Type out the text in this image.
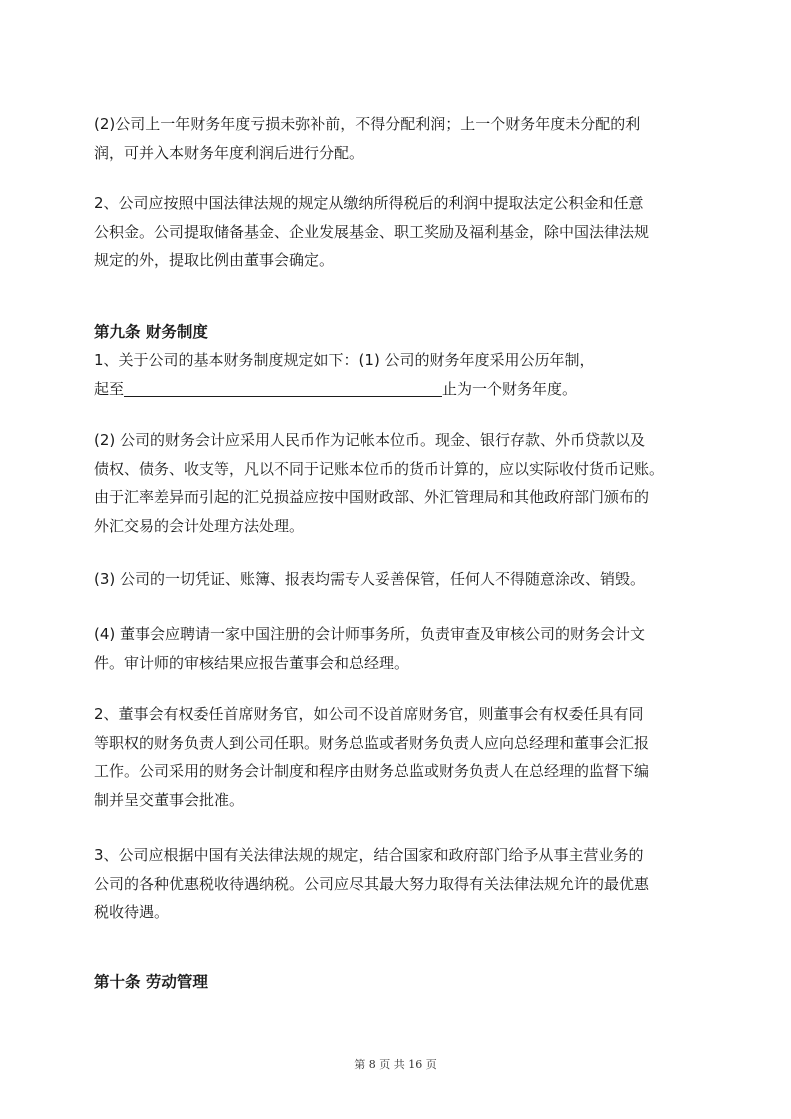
(2)公司上一年财务年度亏损未弥补前，不得分配利润；上一个财务年度未分配的利
润，可并入本财务年度利润后进行分配。
2、公司应按照中国法律法规的规定从缴纳所得税后的利润中提取法定公积金和任意
公积金。公司提取储备基金、企业发展基金、职工奖励及福利基金，除中国法律法规
规定的外，提取比例由董事会确定。
第九条 财务制度
1、关于公司的基本财务制度规定如下：(1) 公司的财务年度采用公历年制，
起至	止为一个财务年度。
(2) 公司的财务会计应采用人民币作为记帐本位币。现金、银行存款、外币贷款以及
债权、债务、收支等，凡以不同于记账本位币的货币计算的，应以实际收付货币记账。
由于汇率差异而引起的汇兑损益应按中国财政部、外汇管理局和其他政府部门颁布的
外汇交易的会计处理方法处理。
(3) 公司的一切凭证、账簿、报表均需专人妥善保管，任何人不得随意涂改、销毁。
(4) 董事会应聘请一家中国注册的会计师事务所，负责审查及审核公司的财务会计文
件。审计师的审核结果应报告董事会和总经理。
2、董事会有权委任首席财务官，如公司不设首席财务官，则董事会有权委任具有同
等职权的财务负责人到公司任职。财务总监或者财务负责人应向总经理和董事会汇报
工作。公司采用的财务会计制度和程序由财务总监或财务负责人在总经理的监督下编
制并呈交董事会批准。
3、公司应根据中国有关法律法规的规定，结合国家和政府部门给予从事主营业务的
公司的各种优惠税收待遇纳税。公司应尽其最大努力取得有关法律法规允许的最优惠
税收待遇。
第十条 劳动管理
第 8 页 共 16 页
